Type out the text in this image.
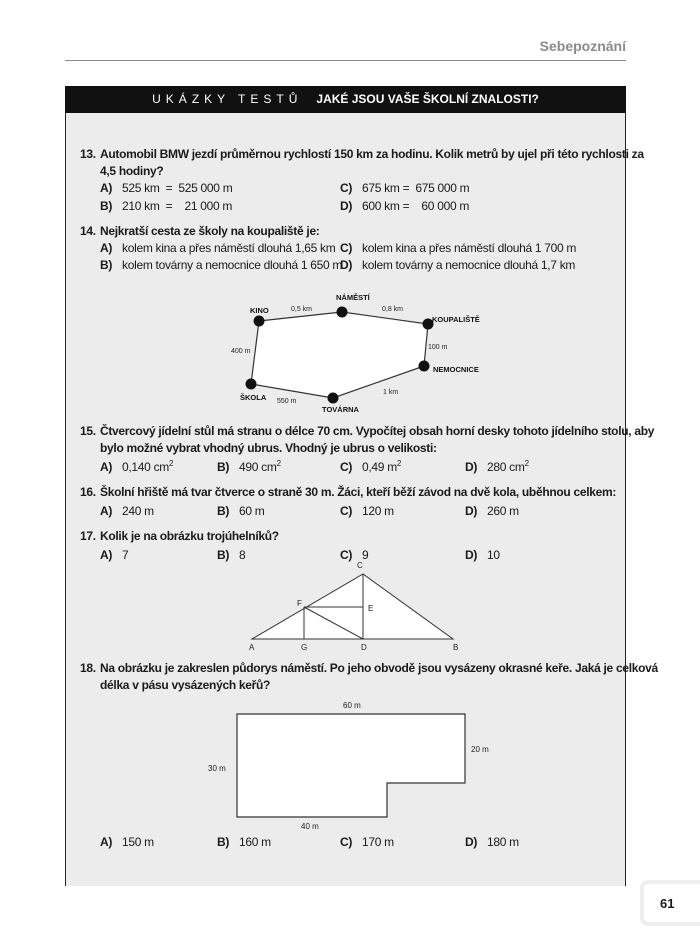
Sebepoznání
UKÁZKY TESTŮ JAKÉ JSOU VAŠE ŠKOLNÍ ZNALOSTI?
13. Automobil BMW jezdí průměrnou rychlostí 150 km za hodinu. Kolik metrů by ujel při této rychlosti za
4,5 hodiny?
A) 525 km  =  525 000 m
B) 210 km  =    21 000 m
C) 675 km =  675 000 m
D) 600 km =    60 000 m
14. Nejkratší cesta ze školy na koupaliště je:
A) kolem kina a přes náměstí dlouhá 1,65 km
B) kolem továrny a nemocnice dlouhá 1 650 m
C) kolem kina a přes náměstí dlouhá 1 700 m
D) kolem továrny a nemocnice dlouhá 1,7 km
KINO
NÁMĚSTÍ
KOUPALIŠTĚ
NEMOCNICE
TOVÁRNA
ŠKOLA
0,5 km	0,8 km
100 m
1 km
550 m
400 m
15. Čtvercový jídelní stůl má stranu o délce 70 cm. Vypočítej obsah horní desky tohoto jídelního stolu, aby
bylo možné vybrat vhodný ubrus. Vhodný je ubrus o velikosti:
A) 0,140 $cm^2$	B) 490 $cm^2$	C) 0,49 $m^2$	D) 280 $cm^2$
16. Školní hřiště má tvar čtverce o straně 30 m. Žáci, kteří běží závod na dvě kola, uběhnou celkem:
A) 240 m	B) 60 m	C) 120 m	D) 260 m
17. Kolik je na obrázku trojúhelníků?
A) 7	B) 8	C) 9	D) 10
A	G	D	B
C
F
E
18. Na obrázku je zakreslen půdorys náměstí. Po jeho obvodě jsou vysázeny okrasné keře. Jaká je celková
délka v pásu vysázených keřů?
60 m
30 m
20 m
40 m
A) 150 m	B) 160 m	C) 170 m	D) 180 m
61
